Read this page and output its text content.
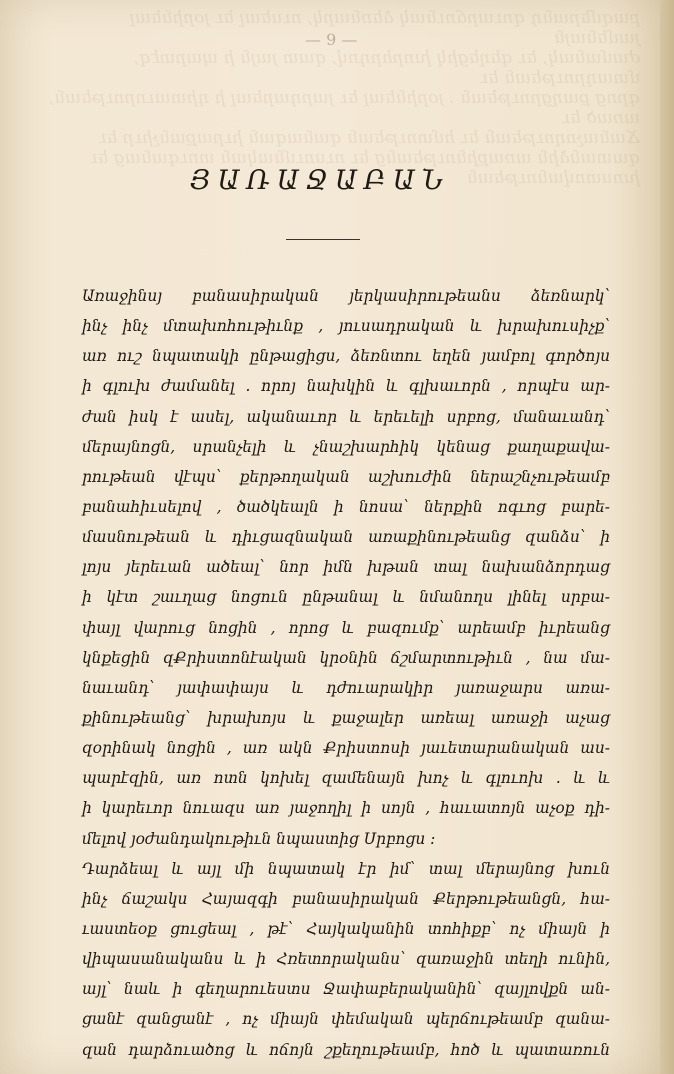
բազմերանդ զուարճունակ ձեռնարկ, ուսեալ եւ յօրինեալ յամենայն
ժամանակ, եւ գեղեցիկ խորհրդով, զատ յայն ի պարտէզ, մտադրութեան եւ
գրոց քաղցրութեան . յօրինեալ եւ յարդարեալ ի դիտաւորութեան, առած եւ
Ճանաչողութեան եւ հմտութեան զանազան իւրաքանչիւր եւ
զատանձին առաքինութեանց եւ ուսումնական տուգանաց եւ խոստովանութեան
— 9 —
ՅԱՌԱՋԱԲԱՆ
Առաջինսյ բանասիրական յերկասիրութեանս ձեռնարկ՝
ինչ ինչ մտախոհութիւնք , յուսադրական և խրախուսիչք՝
առ ուշ նպատակի ընթացիցս, ձեռնտու եղեն յամբոլ գործոյս
ի գլուխ ժամանել . որոյ նախկին և գլխաւորն , որպէս ար-
ժան իսկ է ասել, ականաւոր և երեւելի սրբոց, մանաւանդ՝
մերայնոցն, սրանչելի և չնաշխարհիկ կենաց քաղաքավա-
րութեան վէպս՝ քերթողական աշխուժին ներաշնչութեամբ
բանահիւսելով , ծածկեալն ի նոսա՝ ներքին ոգւոց բարե-
մասնութեան և դիւցազնական առաքինութեանց զանձս՝ ի
լոյս յերեւան ածեալ՝ նոր իմն խթան տալ նախանձորդաց
ի կէտ շաւղաց նոցուն ընթանալ և նմանողս լինել սրբա-
փայլ վարուց նոցին , որոց և բազումք՝ արեամբ իւրեանց
կնքեցին զՔրիստոնէական կրօնին ճշմարտութիւն , նա մա-
նաւանդ՝ յափափայս և դժուարակիր յառաջարս առա-
քինութեանց՝ խրախոյս և քաջալեր առեալ առաջի աչաց
զօրինակ նոցին , առ ակն Քրիստոսի յաւետարանական աս-
պարէզին, առ ոտն կոխել զամենայն խոչ և գլուոխ . և և
ի կարեւոր նուազս առ յաջողիլ ի սոյն , հաւատոյն աչօք դի-
մելով յօժանդակութիւն նպաստից Սրբոցս :
Դարձեալ և այլ մի նպատակ էր իմ՝ տալ մերայնոց խուն
ինչ ճաշակս Հայազգի բանասիրական Քերթութեանցն, հա-
ւաստեօք ցուցեալ , թէ՝ Հայկականին տոհիքբ՝ ոչ միայն ի
վիպասանականս և ի Հռետորականս՝ զառաջին տեղի ունին,
այլ՝ նաև ի գեղարուեստս Ջափաբերականին՝ զայլովքն ան-
ցանէ զանցանէ , ոչ միայն փեմական պերճութեամբ զանա-
զան դարձուածոց և ոճոյն շքեղութեամբ, հոծ և պատառուն
